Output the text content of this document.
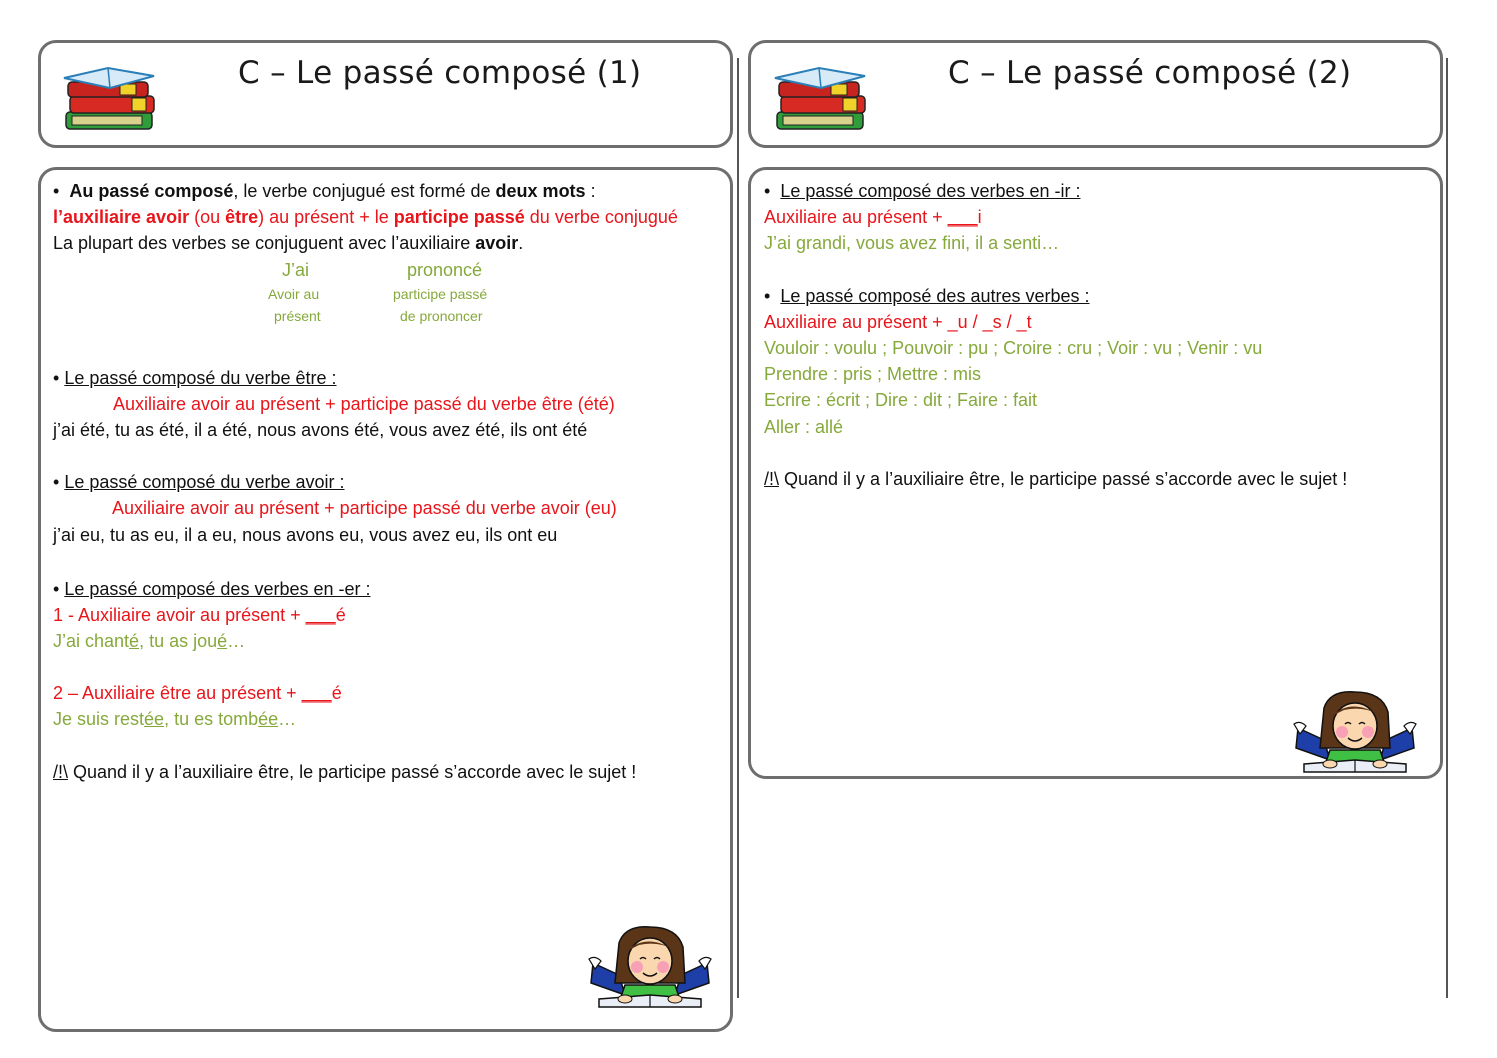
C – Le passé composé (1)
• Au passé composé, le verbe conjugué est formé de deux mots :
l’auxiliaire avoir (ou être) au présent + le participe passé du verbe conjugué
La plupart des verbes se conjuguent avec l’auxiliaire avoir.
J’ai	prononcé
Avoir au
présent
participe passé
de prononcer
• Le passé composé du verbe être :
Auxiliaire avoir au présent + participe passé du verbe être (été)
j’ai été, tu as été, il a été, nous avons été, vous avez été, ils ont été
• Le passé composé du verbe avoir :
Auxiliaire avoir au présent + participe passé du verbe avoir (eu)
j’ai eu, tu as eu, il a eu, nous avons eu, vous avez eu, ils ont eu
• Le passé composé des verbes en -er :
1 - Auxiliaire avoir au présent + ___é
J’ai chanté, tu as joué…
2 – Auxiliaire être au présent + ___é
Je suis restée, tu es tombée…
/!\ Quand il y a l’auxiliaire être, le participe passé s’accorde avec le sujet !
C – Le passé composé (2)
• Le passé composé des verbes en -ir :
Auxiliaire au présent + ___i
J’ai grandi, vous avez fini, il a senti…
• Le passé composé des autres verbes :
Auxiliaire au présent + _u / _s / _t
Vouloir : voulu ; Pouvoir : pu ; Croire : cru ; Voir : vu ; Venir : vu
Prendre : pris ; Mettre : mis
Ecrire : écrit ; Dire : dit ; Faire : fait
Aller : allé
/!\ Quand il y a l’auxiliaire être, le participe passé s’accorde avec le sujet !
